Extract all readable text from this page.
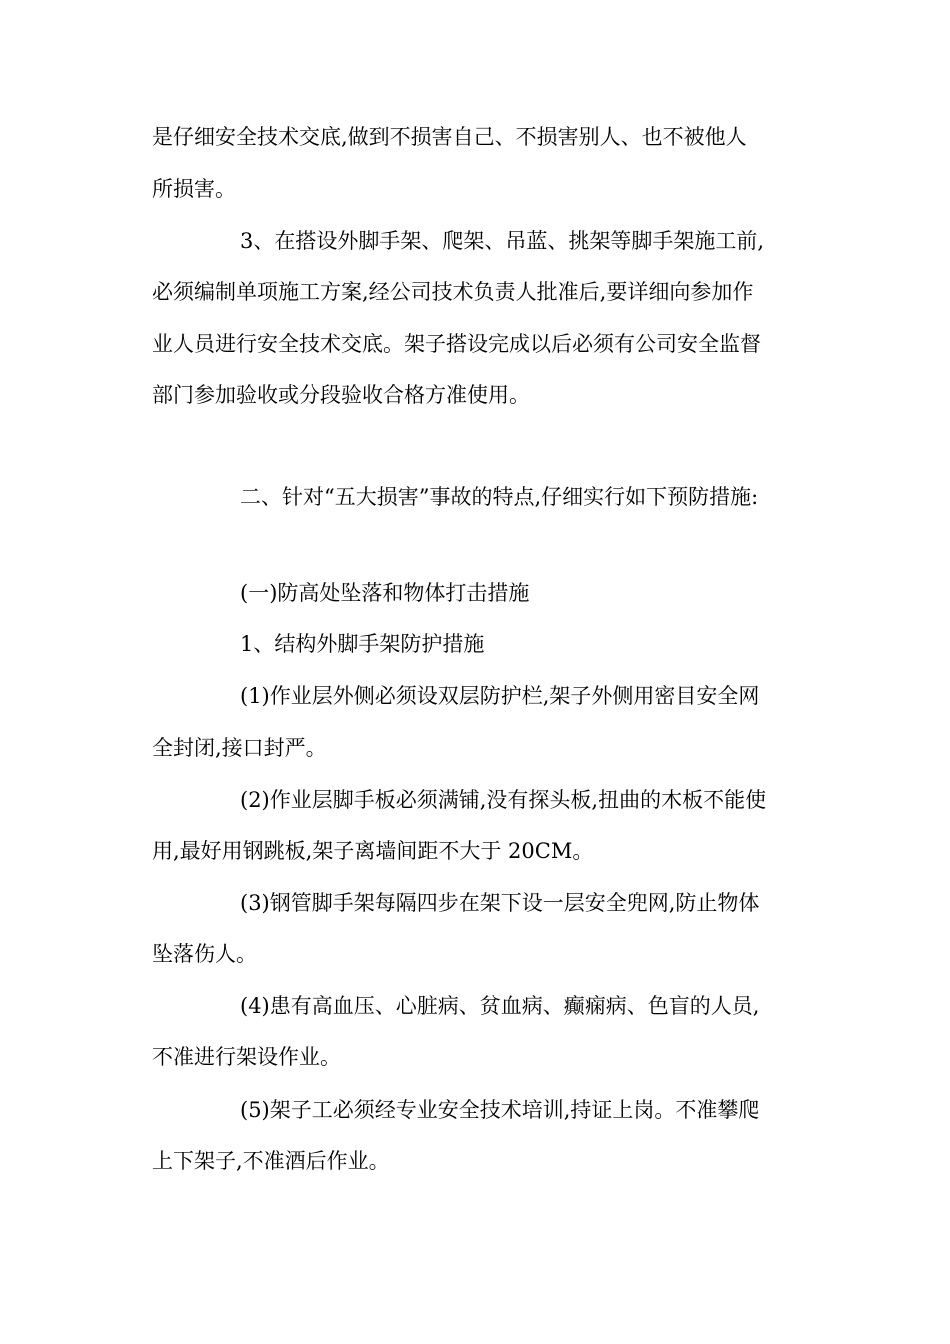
是仔细安全技术交底,做到不损害自己、不损害别人、也不被他人
所损害。
3、在搭设外脚手架、爬架、吊蓝、挑架等脚手架施工前,
必须编制单项施工方案,经公司技术负责人批准后,要详细向参加作
业人员进行安全技术交底。架子搭设完成以后必须有公司安全监督
部门参加验收或分段验收合格方准使用。
二、针对“五大损害”事故的特点,仔细实行如下预防措施:
(一)防高处坠落和物体打击措施
1、结构外脚手架防护措施
(1)作业层外侧必须设双层防护栏,架子外侧用密目安全网
全封闭,接口封严。
(2)作业层脚手板必须满铺,没有探头板,扭曲的木板不能使
用,最好用钢跳板,架子离墙间距不大于 20CM。
(3)钢管脚手架每隔四步在架下设一层安全兜网,防止物体
坠落伤人。
(4)患有高血压、心脏病、贫血病、癫痫病、色盲的人员,
不准进行架设作业。
(5)架子工必须经专业安全技术培训,持证上岗。不准攀爬
上下架子,不准酒后作业。
